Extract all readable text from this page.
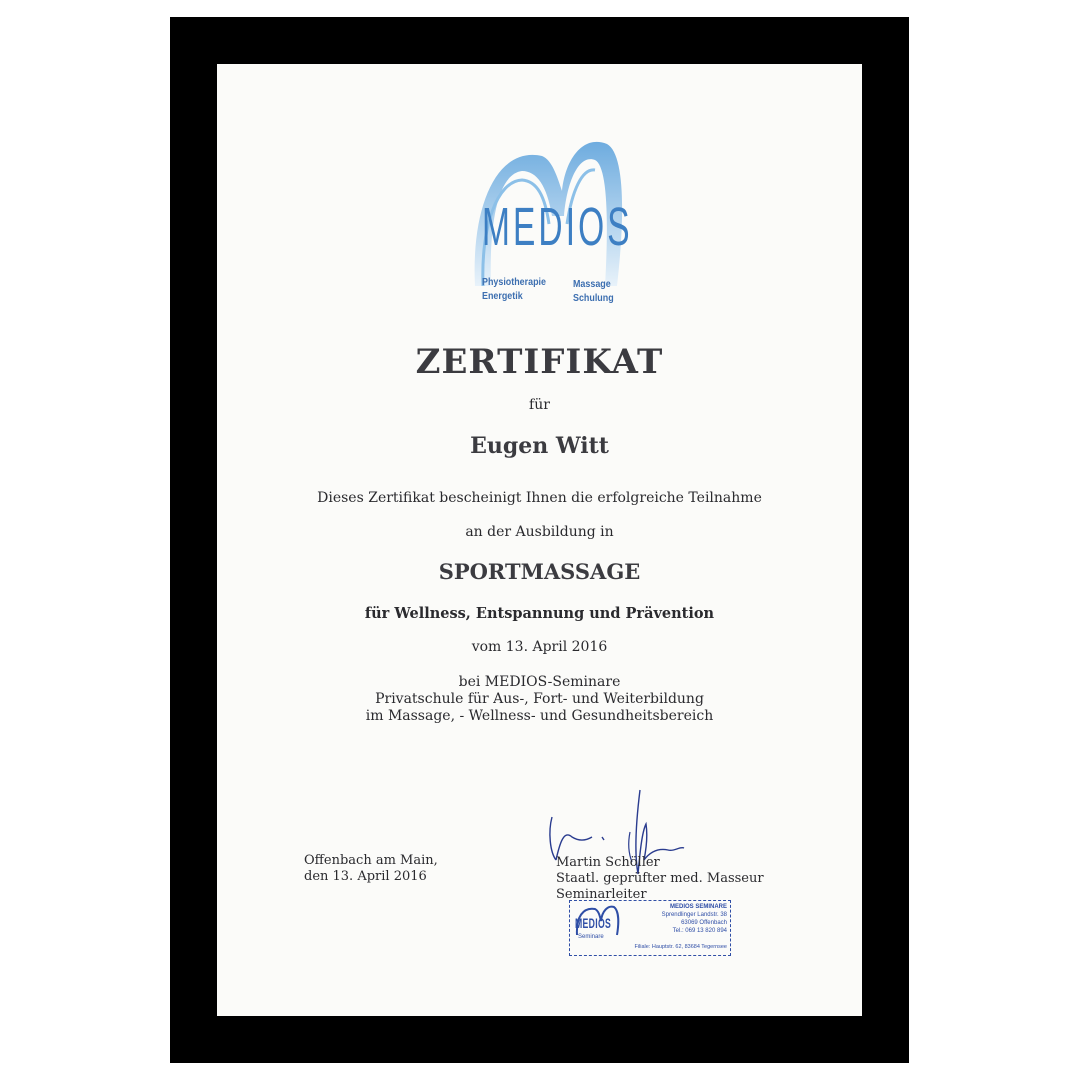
MEDIOS
Physiotherapie
Energetik
Massage
Schulung
ZERTIFIKAT
für
Eugen Witt
Dieses Zertifikat bescheinigt Ihnen die erfolgreiche Teilnahme
an der Ausbildung in
SPORTMASSAGE
für Wellness, Entspannung und Prävention
vom 13. April 2016
bei MEDIOS-Seminare
Privatschule für Aus-, Fort- und Weiterbildung
im Massage, - Wellness- und Gesundheitsbereich
Offenbach am Main,
den 13. April 2016
Martin Schöller
Staatl. geprüfter med. Masseur
Seminarleiter
MEDIOS
Seminare
MEDIOS SEMINARE
Sprendlinger Landstr. 38
63069 Offenbach
Tel.: 069 13 820 894
Filiale: Hauptstr. 62, 83684 Tegernsee
